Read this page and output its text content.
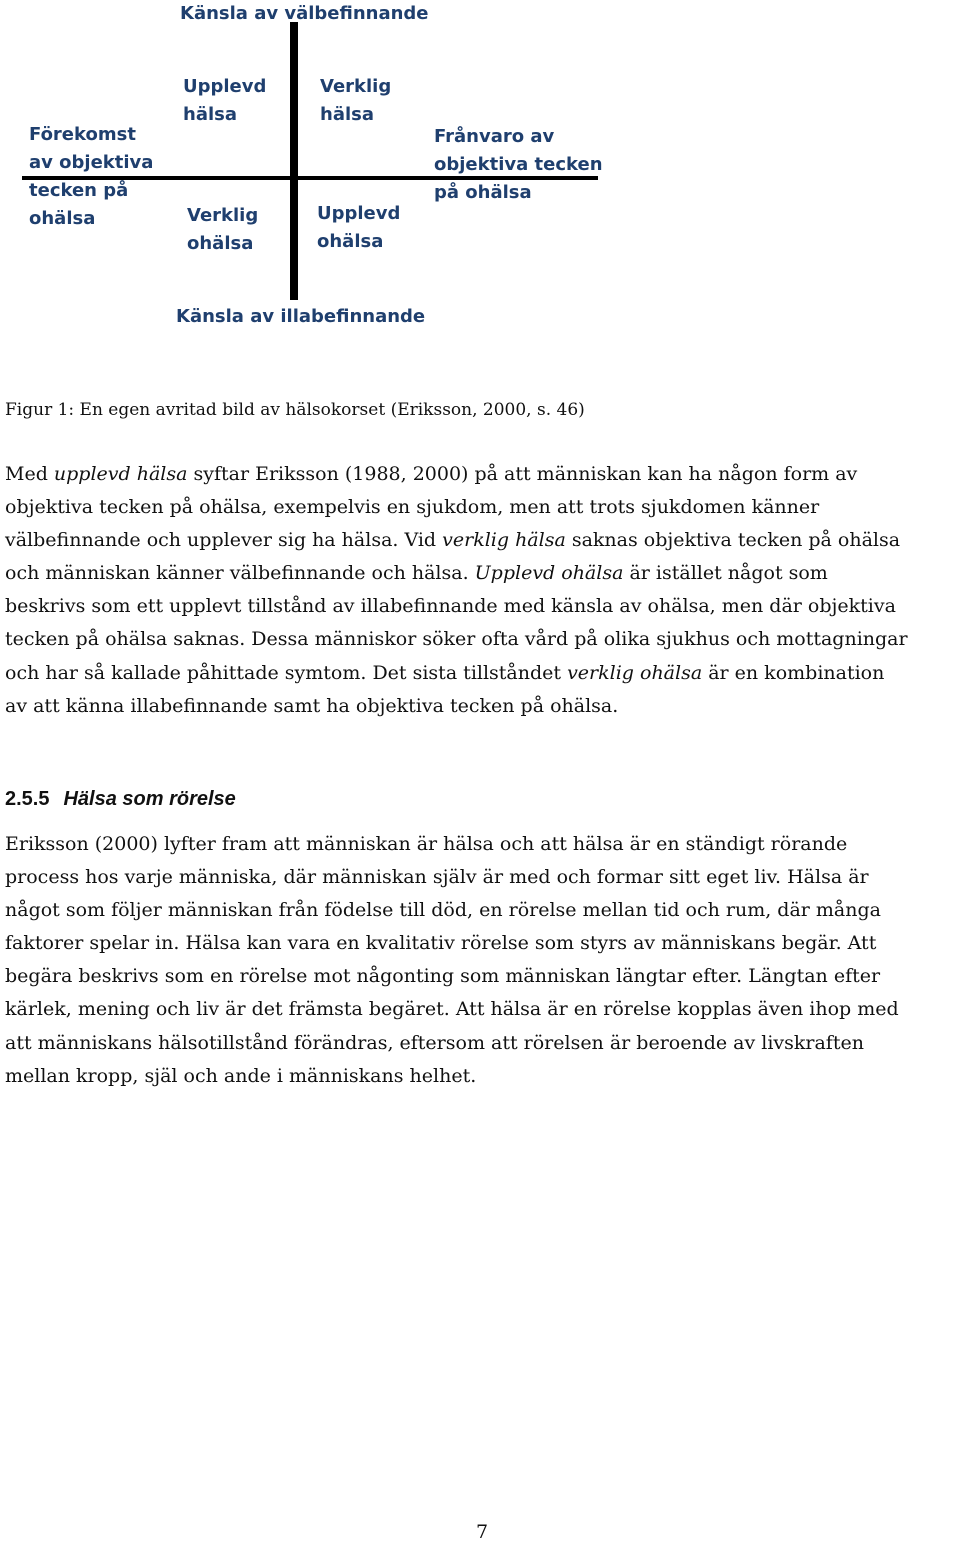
Känsla av välbefinnande
Känsla av illabefinnande
Förekomst
av objektiva
tecken på
ohälsa
Frånvaro av
objektiva tecken
på ohälsa
Upplevd
hälsa
Verklig
hälsa
Verklig
ohälsa
Upplevd
ohälsa
Figur 1: En egen avritad bild av hälsokorset (Eriksson, 2000, s. 46)
Med upplevd hälsa syftar Eriksson (1988, 2000) på att människan kan ha någon form av
objektiva tecken på ohälsa, exempelvis en sjukdom, men att trots sjukdomen känner
välbefinnande och upplever sig ha hälsa. Vid verklig hälsa saknas objektiva tecken på ohälsa
och människan känner välbefinnande och hälsa. Upplevd ohälsa är istället något som
beskrivs som ett upplevt tillstånd av illabefinnande med känsla av ohälsa, men där objektiva
tecken på ohälsa saknas. Dessa människor söker ofta vård på olika sjukhus och mottagningar
och har så kallade påhittade symtom. Det sista tillståndet verklig ohälsa är en kombination
av att känna illabefinnande samt ha objektiva tecken på ohälsa.
2.5.5 Hälsa som rörelse
Eriksson (2000) lyfter fram att människan är hälsa och att hälsa är en ständigt rörande
process hos varje människa, där människan själv är med och formar sitt eget liv. Hälsa är
något som följer människan från födelse till död, en rörelse mellan tid och rum, där många
faktorer spelar in. Hälsa kan vara en kvalitativ rörelse som styrs av människans begär. Att
begära beskrivs som en rörelse mot någonting som människan längtar efter. Längtan efter
kärlek, mening och liv är det främsta begäret. Att hälsa är en rörelse kopplas även ihop med
att människans hälsotillstånd förändras, eftersom att rörelsen är beroende av livskraften
mellan kropp, själ och ande i människans helhet.
7
